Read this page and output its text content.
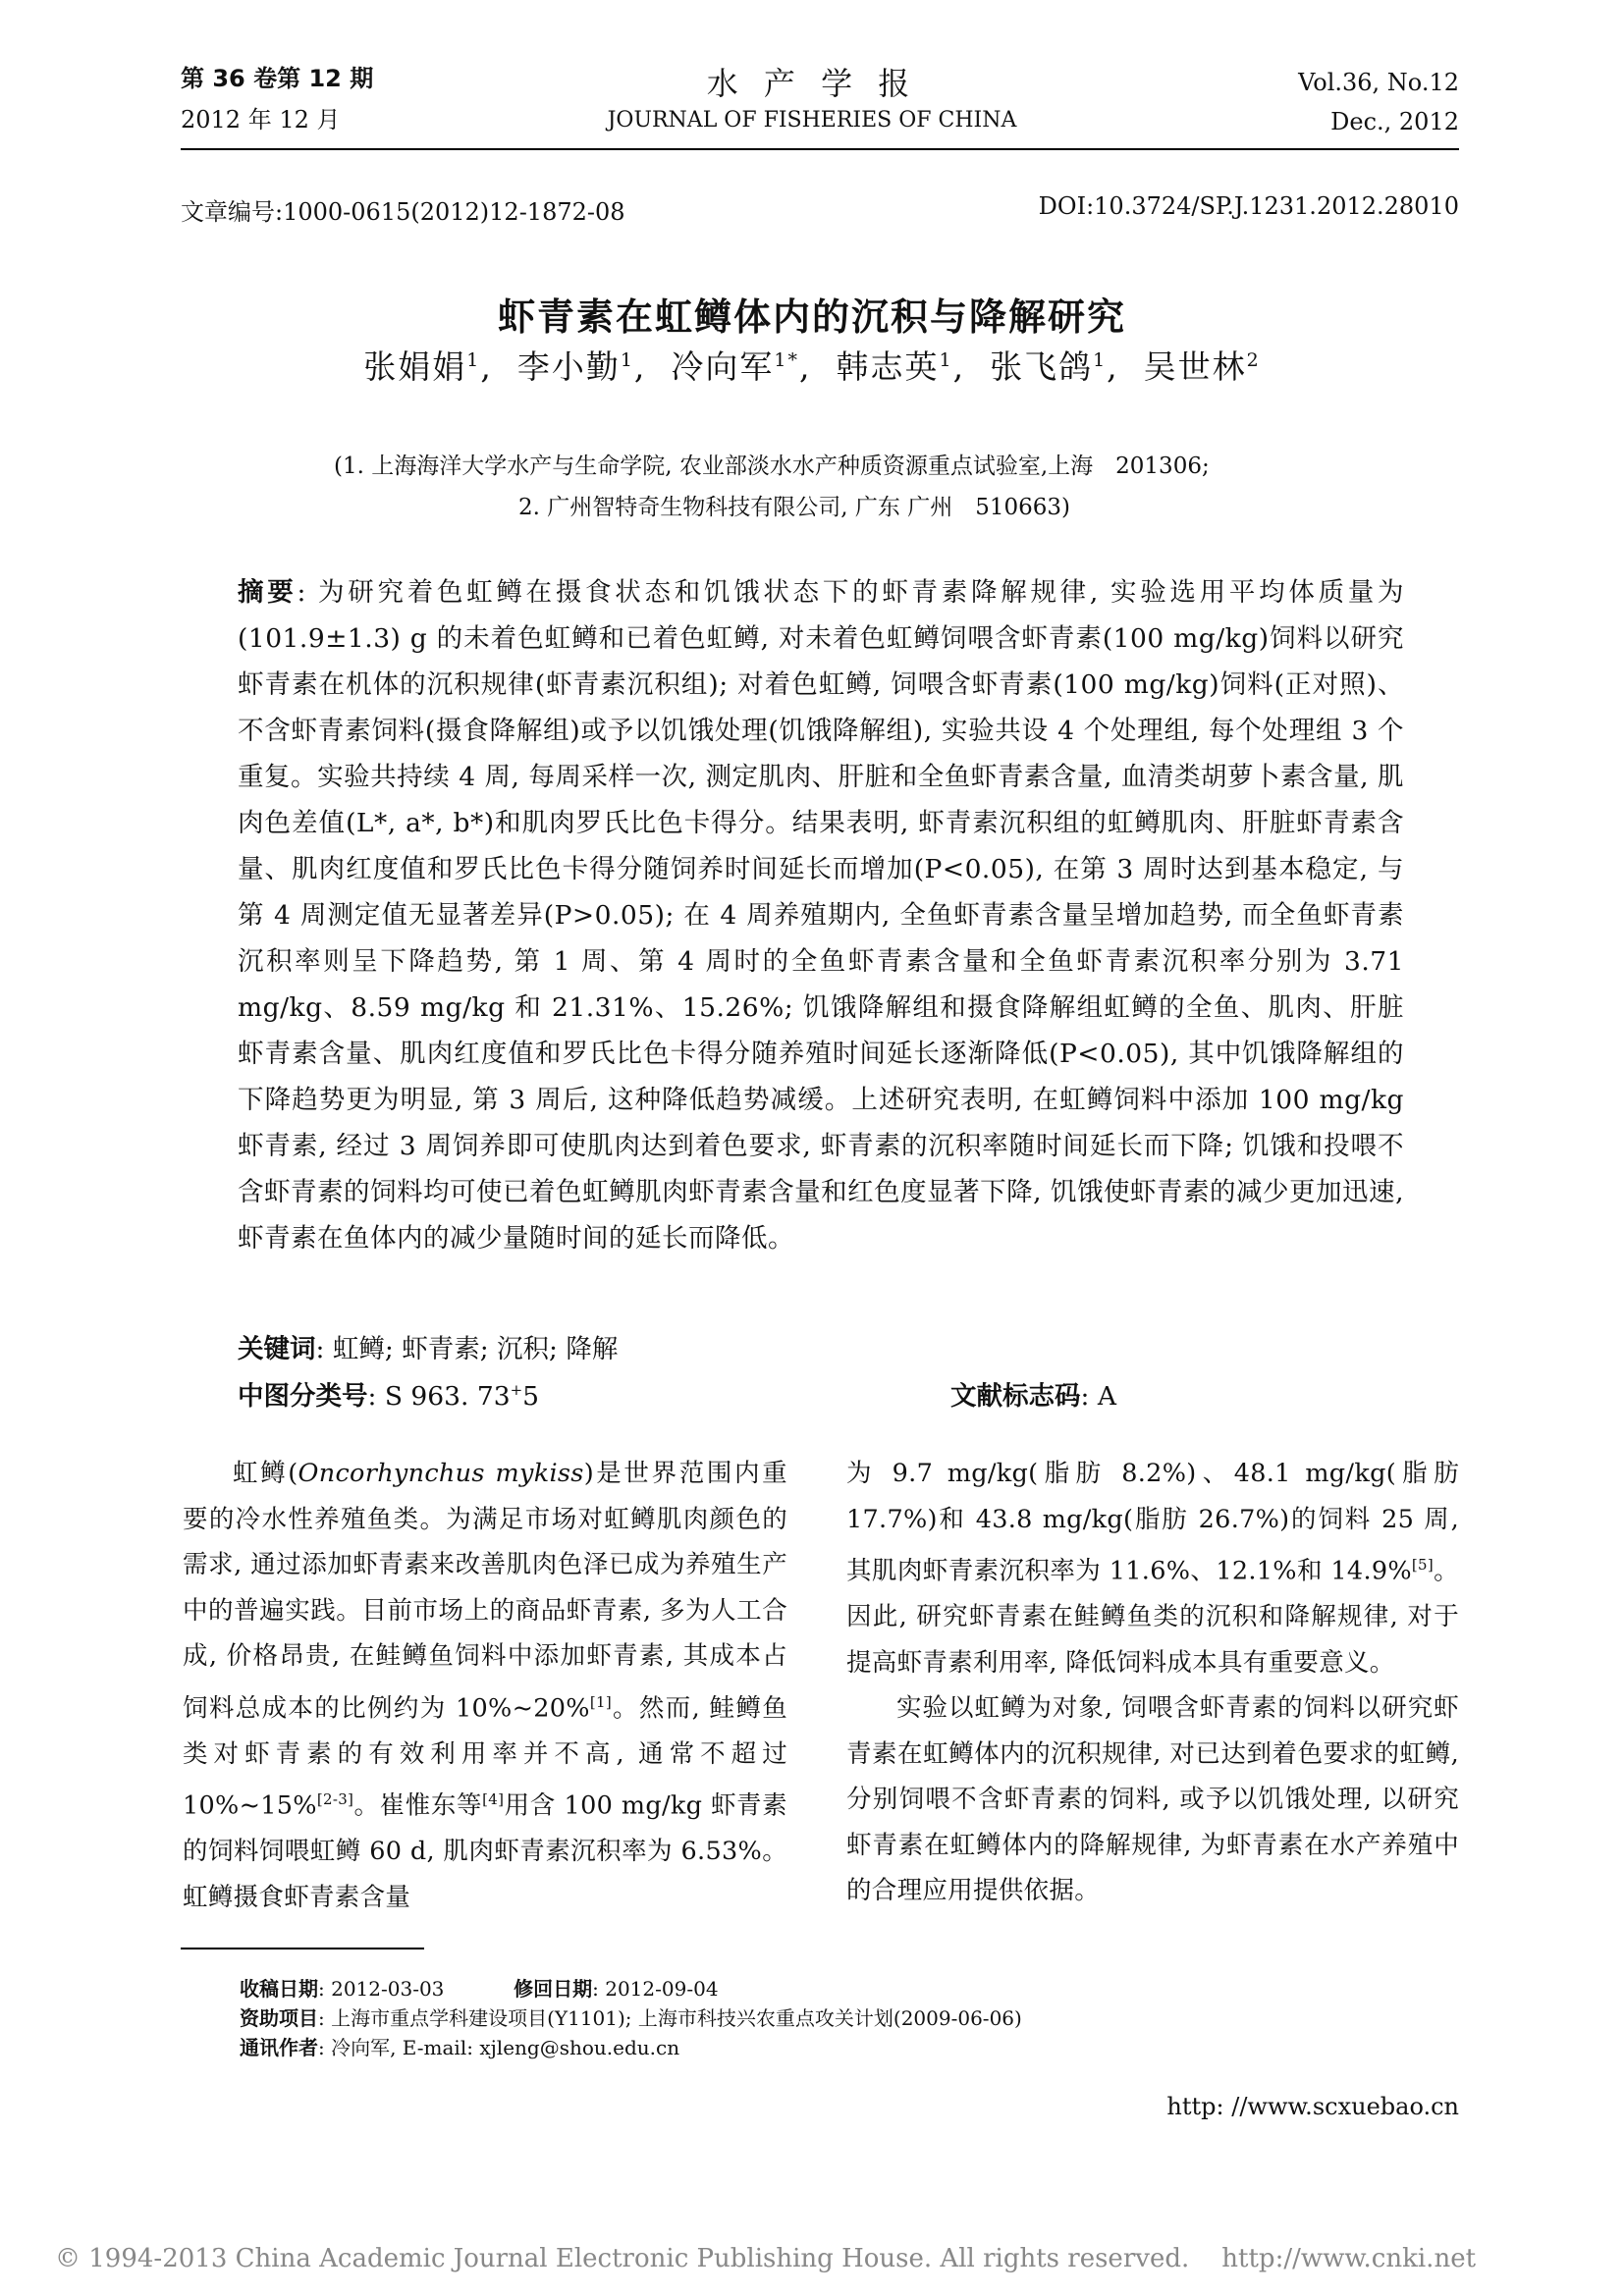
第 36 卷第 12 期
2012 年 12 月
水 产 学 报
JOURNAL OF FISHERIES OF CHINA
Vol.36, No.12
Dec., 2012
文章编号:1000-0615(2012)12-1872-08	DOI:10.3724/SP.J.1231.2012.28010
虾青素在虹鳟体内的沉积与降解研究
张娟娟$^1$,  李小勤$^1$,  冷向军$^{1*}$,  韩志英$^1$,  张飞鸽$^1$,  吴世林$^2$
(1. 上海海洋大学水产与生命学院, 农业部淡水水产种质资源重点试验室,上海　201306;
2. 广州智特奇生物科技有限公司, 广东 广州　510663)
摘要: 为研究着色虹鳟在摄食状态和饥饿状态下的虾青素降解规律, 实验选用平均体质量为(101.9±1.3) g 的未着色虹鳟和已着色虹鳟, 对未着色虹鳟饲喂含虾青素(100 mg/kg)饲料以研究虾青素在机体的沉积规律(虾青素沉积组); 对着色虹鳟, 饲喂含虾青素(100 mg/kg)饲料(正对照)、不含虾青素饲料(摄食降解组)或予以饥饿处理(饥饿降解组), 实验共设 4 个处理组, 每个处理组 3 个重复。实验共持续 4 周, 每周采样一次, 测定肌肉、肝脏和全鱼虾青素含量, 血清类胡萝卜素含量, 肌肉色差值(L*, a*, b*)和肌肉罗氏比色卡得分。结果表明, 虾青素沉积组的虹鳟肌肉、肝脏虾青素含量、肌肉红度值和罗氏比色卡得分随饲养时间延长而增加(P<0.05), 在第 3 周时达到基本稳定, 与第 4 周测定值无显著差异(P>0.05); 在 4 周养殖期内, 全鱼虾青素含量呈增加趋势, 而全鱼虾青素沉积率则呈下降趋势, 第 1 周、第 4 周时的全鱼虾青素含量和全鱼虾青素沉积率分别为 3.71 mg/kg、8.59 mg/kg 和 21.31%、15.26%; 饥饿降解组和摄食降解组虹鳟的全鱼、肌肉、肝脏虾青素含量、肌肉红度值和罗氏比色卡得分随养殖时间延长逐渐降低(P<0.05), 其中饥饿降解组的下降趋势更为明显, 第 3 周后, 这种降低趋势减缓。上述研究表明, 在虹鳟饲料中添加 100 mg/kg 虾青素, 经过 3 周饲养即可使肌肉达到着色要求, 虾青素的沉积率随时间延长而下降; 饥饿和投喂不含虾青素的饲料均可使已着色虹鳟肌肉虾青素含量和红色度显著下降, 饥饿使虾青素的减少更加迅速, 虾青素在鱼体内的减少量随时间的延长而降低。
关键词: 虹鳟; 虾青素; 沉积; 降解
中图分类号: S 963. 73+5	文献标志码: A

虹鳟(Oncorhynchus mykiss)是世界范围内重要的冷水性养殖鱼类。为满足市场对虹鳟肌肉颜色的需求, 通过添加虾青素来改善肌肉色泽已成为养殖生产中的普遍实践。目前市场上的商品虾青素, 多为人工合成, 价格昂贵, 在鲑鳟鱼饲料中添加虾青素, 其成本占饲料总成本的比例约为 10%~20%[1]。然而, 鲑鳟鱼类对虾青素的有效利用率并不高, 通常不超过 10%~15%[2-3]。崔惟东等[4]用含 100 mg/kg 虾青素的饲料饲喂虹鳟 60 d, 肌肉虾青素沉积率为 6.53%。虹鳟摄食虾青素含量

为 9.7 mg/kg(脂肪 8.2%)、48.1 mg/kg(脂肪 17.7%)和 43.8 mg/kg(脂肪 26.7%)的饲料 25 周, 其肌肉虾青素沉积率为 11.6%、12.1%和 14.9%[5]。因此, 研究虾青素在鲑鳟鱼类的沉积和降解规律, 对于提高虾青素利用率, 降低饲料成本具有重要意义。

实验以虹鳟为对象, 饲喂含虾青素的饲料以研究虾青素在虹鳟体内的沉积规律, 对已达到着色要求的虹鳟, 分别饲喂不含虾青素的饲料, 或予以饥饿处理, 以研究虾青素在虹鳟体内的降解规律, 为虾青素在水产养殖中的合理应用提供依据。

收稿日期: 2012-03-03	修回日期: 2012-09-04
资助项目: 上海市重点学科建设项目(Y1101); 上海市科技兴农重点攻关计划(2009-06-06)
通讯作者: 冷向军, E-mail: xjleng@shou.edu.cn
http: //www.scxuebao.cn
© 1994-2013 China Academic Journal Electronic Publishing House. All rights reserved.    http://www.cnki.net
